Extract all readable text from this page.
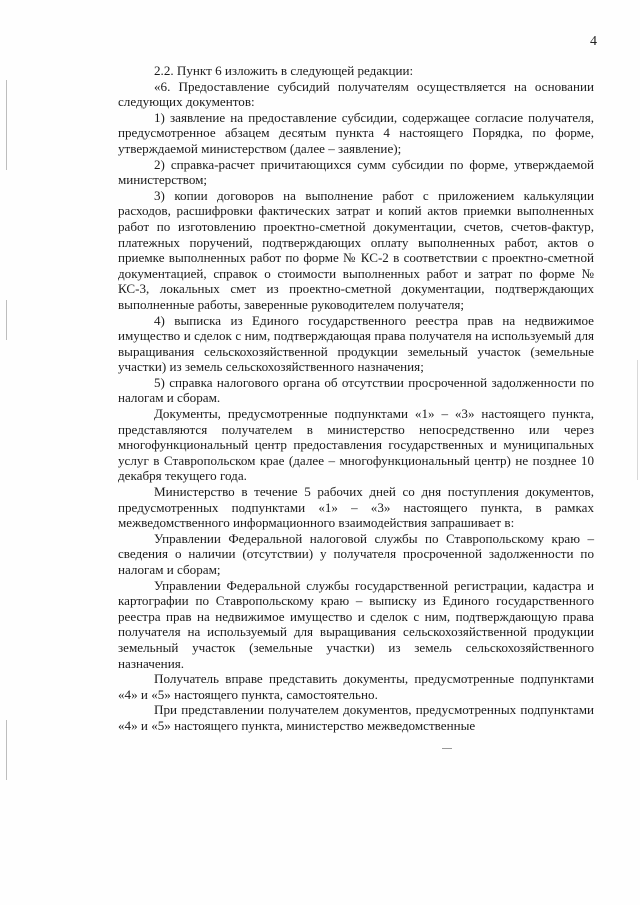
4

2.2. Пункт 6 изложить в следующей редакции:

«6. Предоставление субсидий получателям осуществляется на основании следующих документов:

1) заявление на предоставление субсидии, содержащее согласие получателя, предусмотренное абзацем десятым пункта 4 настоящего Порядка, по форме, утверждаемой министерством (далее – заявление);

2) справка-расчет причитающихся сумм субсидии по форме, утверждаемой министерством;

3) копии договоров на выполнение работ с приложением калькуляции расходов, расшифровки фактических затрат и копий актов приемки выполненных работ по изготовлению проектно-сметной документации, счетов, счетов-фактур, платежных поручений, подтверждающих оплату выполненных работ, актов о приемке выполненных работ по форме № КС-2 в соответствии с проектно-сметной документацией, справок о стоимости выполненных работ и затрат по форме № КС-3, локальных смет из проектно-сметной документации, подтверждающих выполненные работы, заверенные руководителем получателя;

4) выписка из Единого государственного реестра прав на недвижимое имущество и сделок с ним, подтверждающая права получателя на используемый для выращивания сельскохозяйственной продукции земельный участок (земельные участки) из земель сельскохозяйственного назначения;

5) справка налогового органа об отсутствии просроченной задолженности по налогам и сборам.

Документы, предусмотренные подпунктами «1» – «3» настоящего пункта, представляются получателем в министерство непосредственно или через многофункциональный центр предоставления государственных и муниципальных услуг в Ставропольском крае (далее – многофункциональный центр) не позднее 10 декабря текущего года.

Министерство в течение 5 рабочих дней со дня поступления документов, предусмотренных подпунктами «1» – «3» настоящего пункта, в рамках межведомственного информационного взаимодействия запрашивает в:

Управлении Федеральной налоговой службы по Ставропольскому краю – сведения о наличии (отсутствии) у получателя просроченной задолженности по налогам и сборам;

Управлении Федеральной службы государственной регистрации, кадастра и картографии по Ставропольскому краю – выписку из Единого государственного реестра прав на недвижимое имущество и сделок с ним, подтверждающую права получателя на используемый для выращивания сельскохозяйственной продукции земельный участок (земельные участки) из земель сельскохозяйственного назначения.

Получатель вправе представить документы, предусмотренные подпунктами «4» и «5» настоящего пункта, самостоятельно.

При представлении получателем документов, предусмотренных подпунктами «4» и «5» настоящего пункта, министерство межведомственные
